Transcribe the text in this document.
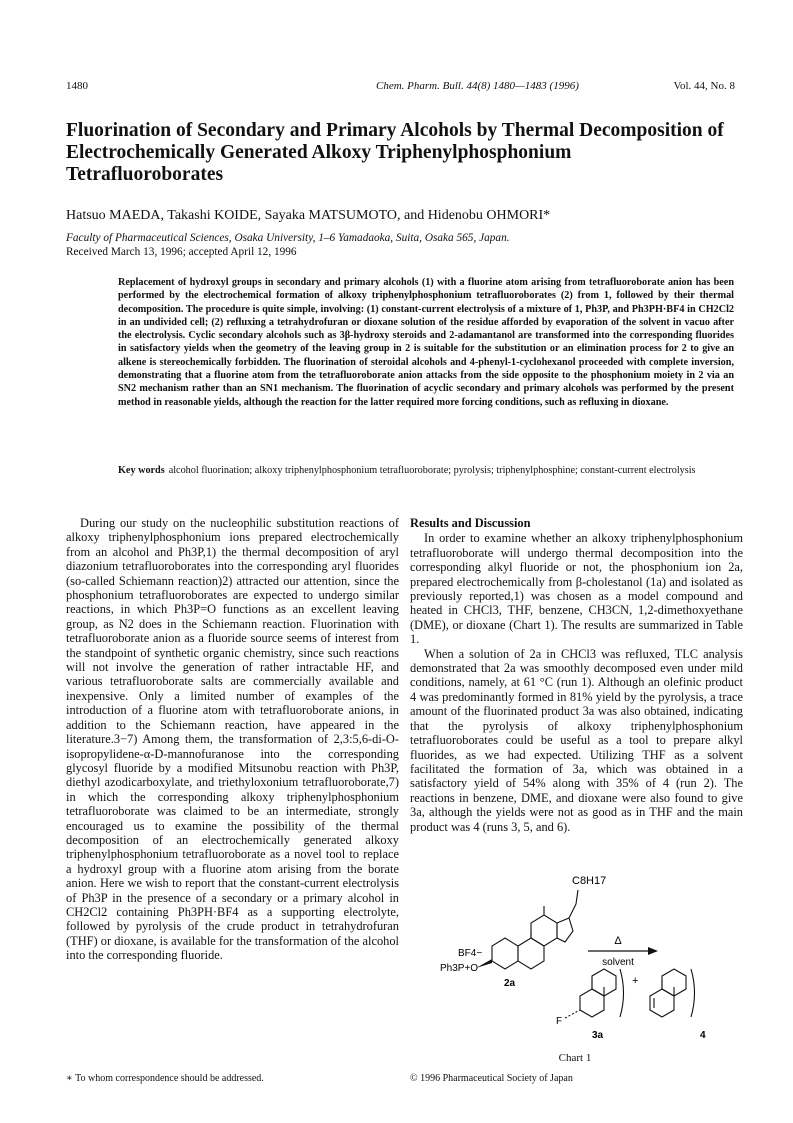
1480	Chem. Pharm. Bull. 44(8) 1480—1483 (1996)	Vol. 44, No. 8
Fluorination of Secondary and Primary Alcohols by Thermal Decomposition of Electrochemically Generated Alkoxy Triphenylphosphonium Tetrafluoroborates
Hatsuo MAEDA, Takashi KOIDE, Sayaka MATSUMOTO, and Hidenobu OHMORI*
Faculty of Pharmaceutical Sciences, Osaka University, 1–6 Yamadaoka, Suita, Osaka 565, Japan.
Received March 13, 1996; accepted April 12, 1996

Replacement of hydroxyl groups in secondary and primary alcohols (1) with a fluorine atom arising from tetrafluoroborate anion has been performed by the electrochemical formation of alkoxy triphenylphosphonium tetrafluoroborates (2) from 1, followed by their thermal decomposition. The procedure is quite simple, involving: (1) constant-current electrolysis of a mixture of 1, Ph3P, and Ph3PH·BF4 in CH2Cl2 in an undivided cell; (2) refluxing a tetrahydrofuran or dioxane solution of the residue afforded by evaporation of the solvent in vacuo after the electrolysis. Cyclic secondary alcohols such as 3β-hydroxy steroids and 2-adamantanol are transformed into the corresponding fluorides in satisfactory yields when the geometry of the leaving group in 2 is suitable for the substitution or an elimination process for 2 to give an alkene is stereochemically forbidden. The fluorination of steroidal alcohols and 4-phenyl-1-cyclohexanol proceeded with complete inversion, demonstrating that a fluorine atom from the tetrafluoroborate anion attacks from the side opposite to the phosphonium moiety in 2 via an SN2 mechanism rather than an SN1 mechanism. The fluorination of acyclic secondary and primary alcohols was performed by the present method in reasonable yields, although the reaction for the latter required more forcing conditions, such as refluxing in dioxane.

Key words alcohol fluorination; alkoxy triphenylphosphonium tetrafluoroborate; pyrolysis; triphenylphosphine; constant-current electrolysis

During our study on the nucleophilic substitution reactions of alkoxy triphenylphosphonium ions prepared electrochemically from an alcohol and Ph3P,1) the thermal decomposition of aryl diazonium tetrafluoroborates into the corresponding aryl fluorides (so-called Schiemann reaction)2) attracted our attention, since the phosphonium tetrafluoroborates are expected to undergo similar reactions, in which Ph3P=O functions as an excellent leaving group, as N2 does in the Schiemann reaction. Fluorination with tetrafluoroborate anion as a fluoride source seems of interest from the standpoint of synthetic organic chemistry, since such reactions will not involve the generation of rather intractable HF, and various tetrafluoroborate salts are commercially available and inexpensive. Only a limited number of examples of the introduction of a fluorine atom with tetrafluoroborate anions, in addition to the Schiemann reaction, have appeared in the literature.3−7) Among them, the transformation of 2,3:5,6-di-O-isopropylidene-α-D-mannofuranose into the corresponding glycosyl fluoride by a modified Mitsunobu reaction with Ph3P, diethyl azodicarboxylate, and triethyloxonium tetrafluoroborate,7) in which the corresponding alkoxy triphenylphosphonium tetrafluoroborate was claimed to be an intermediate, strongly encouraged us to examine the possibility of the thermal decomposition of an electrochemically generated alkoxy triphenylphosphonium tetrafluoroborate as a novel tool to replace a hydroxyl group with a fluorine atom arising from the borate anion. Here we wish to report that the constant-current electrolysis of Ph3P in the presence of a secondary or a primary alcohol in CH2Cl2 containing Ph3PH·BF4 as a supporting electrolyte, followed by pyrolysis of the crude product in tetrahydrofuran (THF) or dioxane, is available for the transformation of the alcohol into the corresponding fluoride.

Results and Discussion

In order to examine whether an alkoxy triphenylphosphonium tetrafluoroborate will undergo thermal decomposition into the corresponding alkyl fluoride or not, the phosphonium ion 2a, prepared electrochemically from β-cholestanol (1a) and isolated as previously reported,1) was chosen as a model compound and heated in CHCl3, THF, benzene, CH3CN, 1,2-dimethoxyethane (DME), or dioxane (Chart 1). The results are summarized in Table 1.

When a solution of 2a in CHCl3 was refluxed, TLC analysis demonstrated that 2a was smoothly decomposed even under mild conditions, namely, at 61 °C (run 1). Although an olefinic product 4 was predominantly formed in 81% yield by the pyrolysis, a trace amount of the fluorinated product 3a was also obtained, indicating that the pyrolysis of alkoxy triphenylphosphonium tetrafluoroborates could be useful as a tool to prepare alkyl fluorides, as we had expected. Utilizing THF as a solvent facilitated the formation of 3a, which was obtained in a satisfactory yield of 54% along with 35% of 4 (run 2). The reactions in benzene, DME, and dioxane were also found to give 3a, although the yields were not as good as in THF and the main product was 4 (runs 3, 5, and 6).

C8H17
BF4−
Ph3P+O
2a
Δ
solvent
F
3a
+
4
Chart 1
∗ To whom correspondence should be addressed.	© 1996 Pharmaceutical Society of Japan
